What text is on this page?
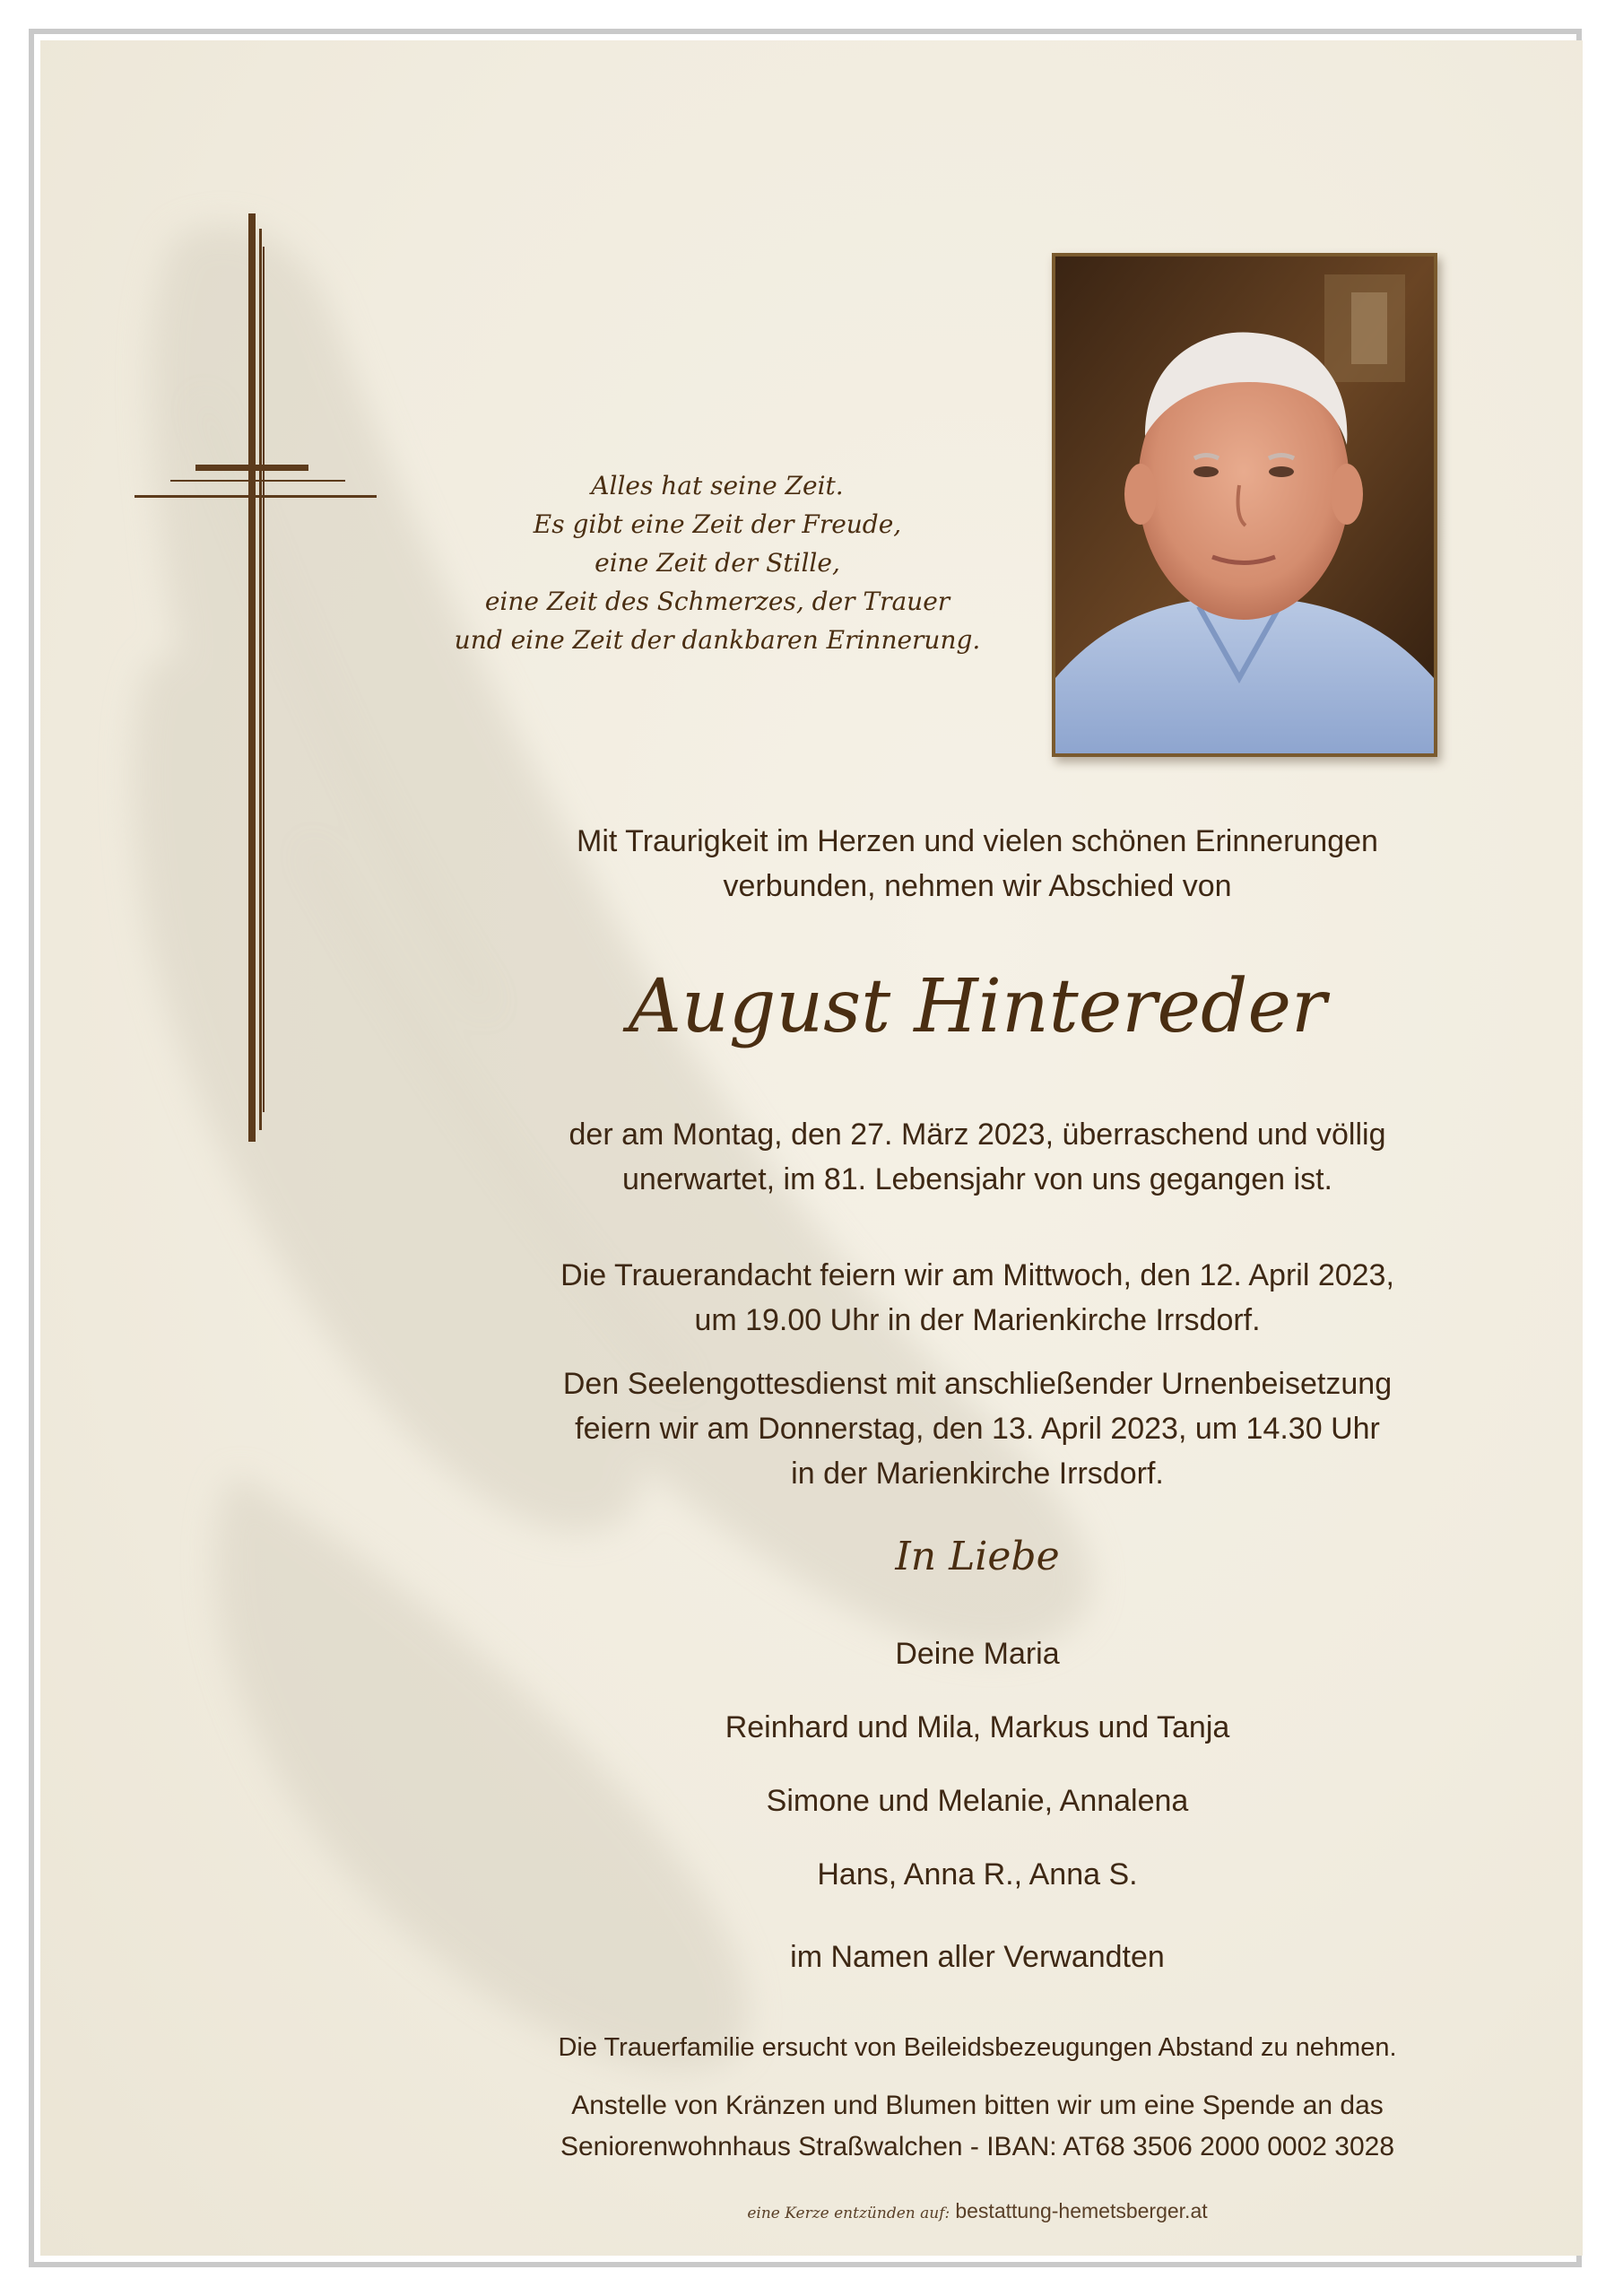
Alles hat seine Zeit.
Es gibt eine Zeit der Freude,
eine Zeit der Stille,
eine Zeit des Schmerzes, der Trauer
und eine Zeit der dankbaren Erinnerung.
Mit Traurigkeit im Herzen und vielen schönen Erinnerungen
verbunden, nehmen wir Abschied von
August Hintereder
der am Montag, den 27. März 2023, überraschend und völlig
unerwartet, im 81. Lebensjahr von uns gegangen ist.
Die Trauerandacht feiern wir am Mittwoch, den 12. April 2023,
um 19.00 Uhr in der Marienkirche Irrsdorf.
Den Seelengottesdienst mit anschließender Urnenbeisetzung
feiern wir am Donnerstag, den 13. April 2023, um 14.30 Uhr
in der Marienkirche Irrsdorf.
In Liebe
Deine Maria
Reinhard und Mila, Markus und Tanja
Simone und Melanie, Annalena
Hans, Anna R., Anna S.
im Namen aller Verwandten
Die Trauerfamilie ersucht von Beileidsbezeugungen Abstand zu nehmen.
Anstelle von Kränzen und Blumen bitten wir um eine Spende an das
Seniorenwohnhaus Straßwalchen - IBAN: AT68 3506 2000 0002 3028
eine Kerze entzünden auf: bestattung-hemetsberger.at
